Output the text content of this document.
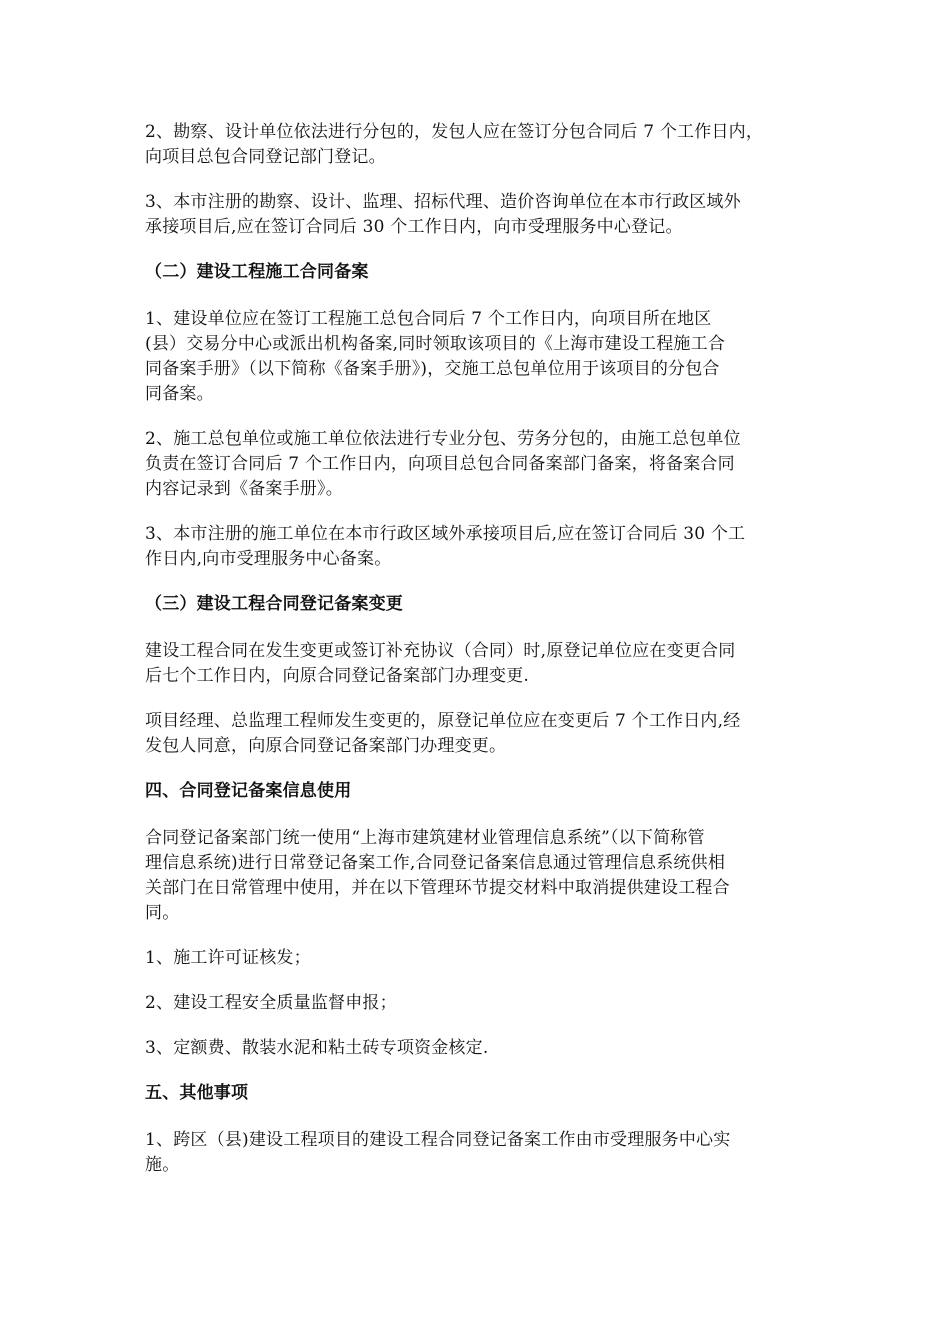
2、勘察、设计单位依法进行分包的，发包人应在签订分包合同后 7 个工作日内，
向项目总包合同登记部门登记。
3、本市注册的勘察、设计、监理、招标代理、造价咨询单位在本市行政区域外
承接项目后,应在签订合同后 30 个工作日内，向市受理服务中心登记。
（二）建设工程施工合同备案
1、建设单位应在签订工程施工总包合同后 7 个工作日内，向项目所在地区
(县）交易分中心或派出机构备案,同时领取该项目的《上海市建设工程施工合
同备案手册》（以下简称《备案手册》)，交施工总包单位用于该项目的分包合
同备案。
2、施工总包单位或施工单位依法进行专业分包、劳务分包的，由施工总包单位
负责在签订合同后 7 个工作日内，向项目总包合同备案部门备案，将备案合同
内容记录到《备案手册》。
3、本市注册的施工单位在本市行政区域外承接项目后,应在签订合同后 30 个工
作日内,向市受理服务中心备案。
（三）建设工程合同登记备案变更
建设工程合同在发生变更或签订补充协议（合同）时,原登记单位应在变更合同
后七个工作日内，向原合同登记备案部门办理变更.
项目经理、总监理工程师发生变更的，原登记单位应在变更后 7 个工作日内,经
发包人同意，向原合同登记备案部门办理变更。
四、合同登记备案信息使用
合同登记备案部门统一使用“上海市建筑建材业管理信息系统”（以下简称管
理信息系统)进行日常登记备案工作,合同登记备案信息通过管理信息系统供相
关部门在日常管理中使用，并在以下管理环节提交材料中取消提供建设工程合
同。
1、施工许可证核发；
2、建设工程安全质量监督申报；
3、定额费、散装水泥和粘土砖专项资金核定.
五、其他事项
1、跨区（县)建设工程项目的建设工程合同登记备案工作由市受理服务中心实
施。
